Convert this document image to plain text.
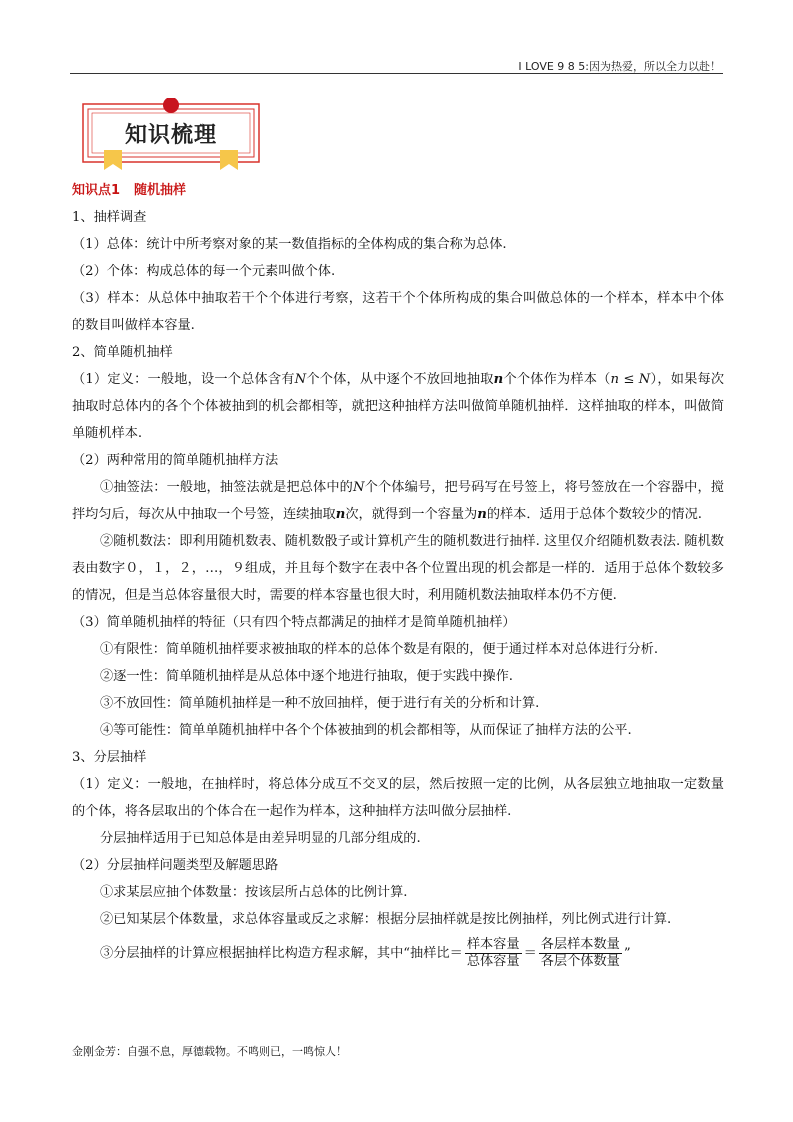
I LOVE 9 8 5:因为热爱，所以全力以赴！
知识梳理
知识点1 随机抽样

1、抽样调查

（1）总体：统计中所考察对象的某一数值指标的全体构成的集合称为总体.

（2）个体：构成总体的每一个元素叫做个体.

（3）样本：从总体中抽取若干个个体进行考察，这若干个个体所构成的集合叫做总体的一个样本，样本中个体的数目叫做样本容量.

2、简单随机抽样

（1）定义：一般地，设一个总体含有N个个体，从中逐个不放回地抽取n个个体作为样本（n ≤ N），如果每次抽取时总体内的各个个体被抽到的机会都相等，就把这种抽样方法叫做简单随机抽样．这样抽取的样本，叫做简单随机样本.

（2）两种常用的简单随机抽样方法

①抽签法：一般地，抽签法就是把总体中的N个个体编号，把号码写在号签上，将号签放在一个容器中，搅拌均匀后，每次从中抽取一个号签，连续抽取n次，就得到一个容量为n的样本．适用于总体个数较少的情况.

②随机数法：即利用随机数表、随机数骰子或计算机产生的随机数进行抽样. 这里仅介绍随机数表法. 随机数表由数字０，１，２，…，９组成，并且每个数字在表中各个位置出现的机会都是一样的．适用于总体个数较多的情况，但是当总体容量很大时，需要的样本容量也很大时，利用随机数法抽取样本仍不方便.

（3）简单随机抽样的特征（只有四个特点都满足的抽样才是简单随机抽样）

①有限性：简单随机抽样要求被抽取的样本的总体个数是有限的，便于通过样本对总体进行分析.

②逐一性：简单随机抽样是从总体中逐个地进行抽取，便于实践中操作.

③不放回性：简单随机抽样是一种不放回抽样，便于进行有关的分析和计算.

④等可能性：简单单随机抽样中各个个体被抽到的机会都相等，从而保证了抽样方法的公平.

3、分层抽样

（1）定义：一般地，在抽样时，将总体分成互不交叉的层，然后按照一定的比例，从各层独立地抽取一定数量的个体，将各层取出的个体合在一起作为样本，这种抽样方法叫做分层抽样.

分层抽样适用于已知总体是由差异明显的几部分组成的.

（2）分层抽样问题类型及解题思路

①求某层应抽个体数量：按该层所占总体的比例计算.

②已知某层个体数量，求总体容量或反之求解：根据分层抽样就是按比例抽样，列比例式进行计算.

③分层抽样的计算应根据抽样比构造方程求解，其中“抽样比＝ $\frac{\text{样本容量}}{\text{总体容量}} = \frac{\text{各层样本数量}}{\text{各层个体数量}}$ ”

金刚金芳：自强不息，厚德载物。不鸣则已，一鸣惊人！
